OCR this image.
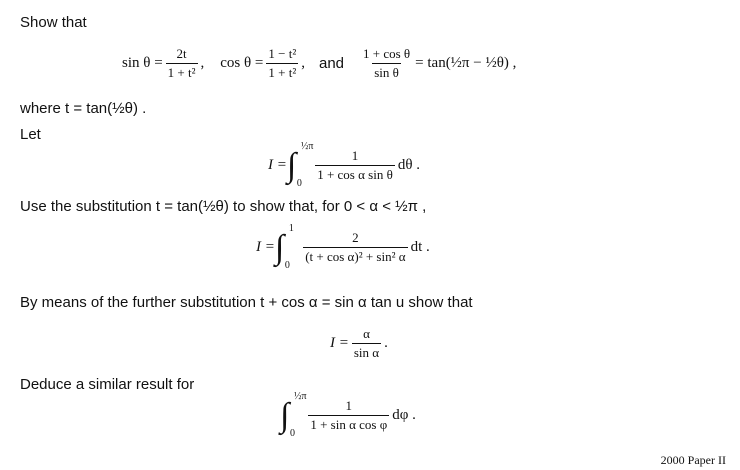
Show that
$\sin \theta = \frac{2t}{\text{1 + t²}}$ , $\cos \theta = \frac{\text{1 − t²}}{\text{1 + t²}}$ , and $\frac{\text{1 + cos θ}}{\text{sin θ}}$ = tan(½π − ½θ) ,
where t = tan(½θ) .
Let
I = ∫
½π
$0 \frac{1}{\text{1 + cos α sin θ}}$ dθ .
Use the substitution t = tan(½θ) to show that, for 0 < α < ½π ,
I = ∫
1
$0 \frac{2}{\text{(t + cos α)² + sin² α}}$ dt .
By means of the further substitution t + cos α = sin α tan u show that
$I = \frac{\alpha}{\text{sin α}}$ .
Deduce a similar result for
∫
½π
$0 \frac{1}{\text{1 + sin α cos φ}}$ dφ .
2000 Paper II
